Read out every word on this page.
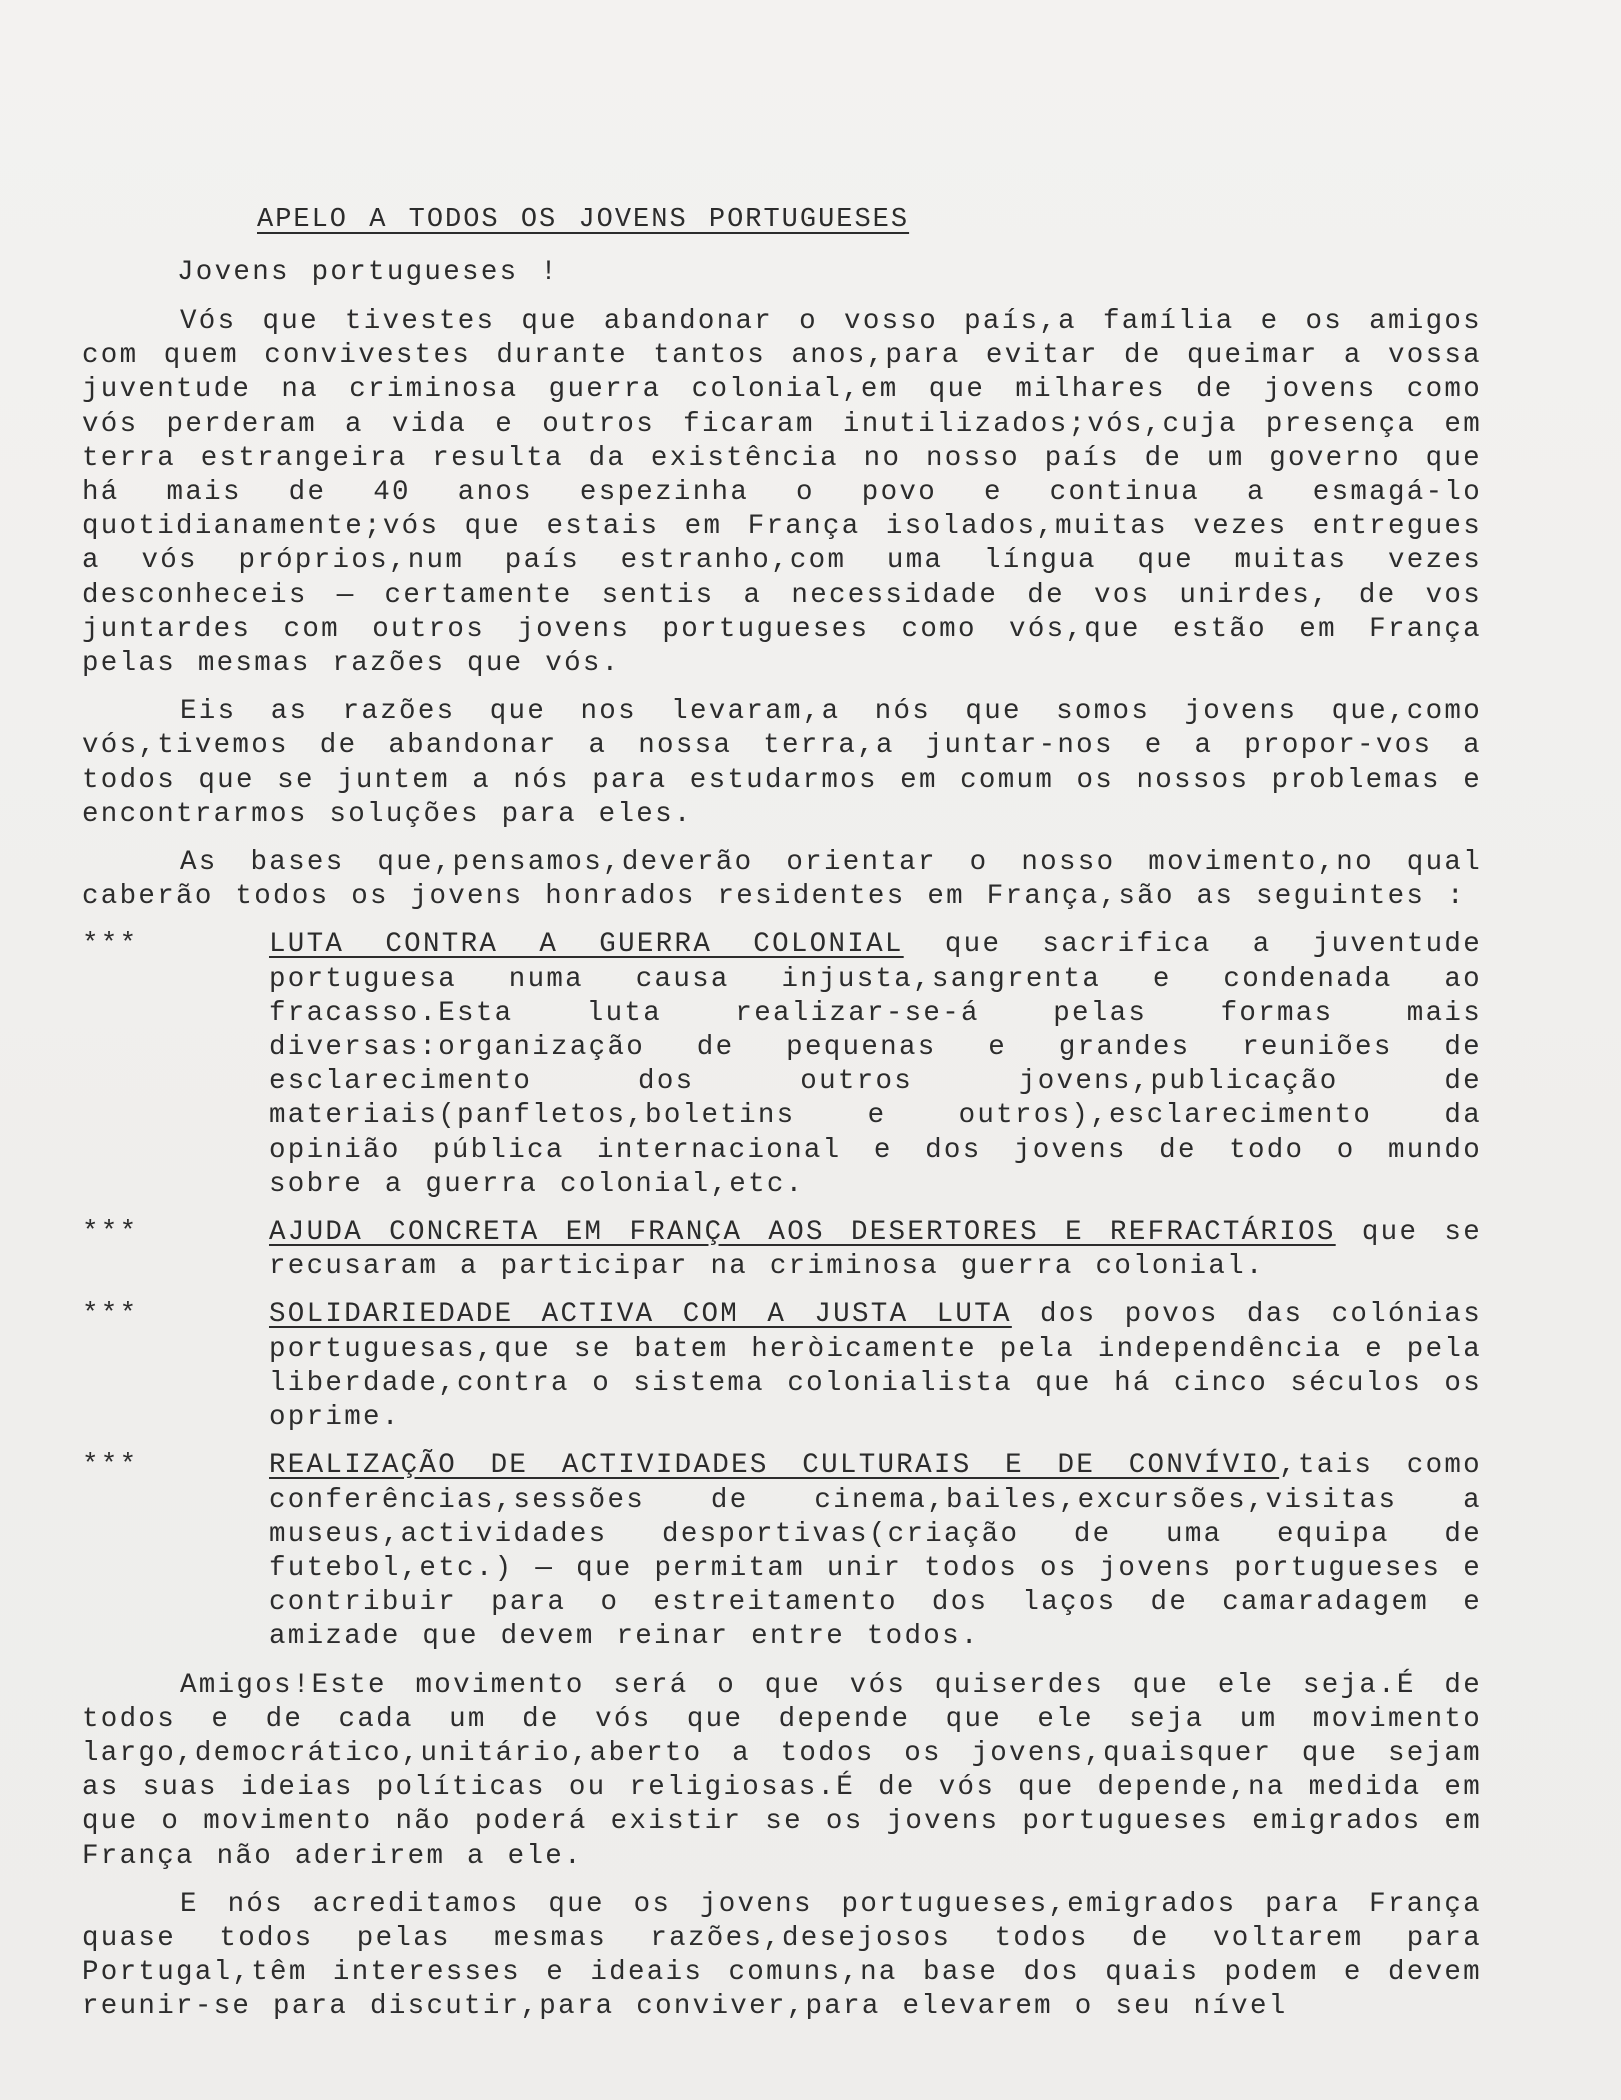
APELO A TODOS OS JOVENS PORTUGUESES
Jovens portugueses !

Vós que tivestes que abandonar o vosso país,a família e os amigos com quem convivestes durante tantos anos,para evitar de queimar a vossa juventude na criminosa guerra colonial,em que milhares de jovens como vós perderam a vida e outros ficaram inutilizados;vós,cuja presença em terra estrangeira resulta da existência no nosso país de um governo que há mais de 40 anos espezinha o povo e continua a esmagá-lo quotidianamente;vós que estais em França isolados,muitas vezes entregues a vós próprios,num país estranho,com uma língua que muitas vezes desconheceis — certamente sentis a necessidade de vos unirdes, de vos juntardes com outros jovens portugueses como vós,que estão em França pelas mesmas razões que vós.

Eis as razões que nos levaram,a nós que somos jovens que,como vós,tivemos de abandonar a nossa terra,a juntar-nos e a propor-vos a todos que se juntem a nós para estudarmos em comum os nossos problemas e encontrarmos soluções para eles.

As bases que,pensamos,deverão orientar o nosso movimento,no qual caberão todos os jovens honrados residentes em França,são as seguintes :

***	LUTA CONTRA A GUERRA COLONIAL que sacrifica a juventude portuguesa numa causa injusta,sangrenta e condenada ao fracasso.Esta luta realizar-se-á pelas formas mais diversas:organização de pequenas e grandes reuniões de esclarecimento dos outros jovens,publicação de materiais(panfletos,boletins e outros),esclarecimento da opinião pública internacional e dos jovens de todo o mundo sobre a guerra colonial,etc.
***	AJUDA CONCRETA EM FRANÇA AOS DESERTORES E REFRACTÁRIOS que se recusaram a participar na criminosa guerra colonial.
***	SOLIDARIEDADE ACTIVA COM A JUSTA LUTA dos povos das colónias portuguesas,que se batem heròicamente pela independência e pela liberdade,contra o sistema colonialista que há cinco séculos os oprime.
***	REALIZAÇÃO DE ACTIVIDADES CULTURAIS E DE CONVÍVIO,tais como conferências,sessões de cinema,bailes,excursões,visitas a museus,actividades desportivas(criação de uma equipa de futebol,etc.) — que permitam unir todos os jovens portugueses e contribuir para o estreitamento dos laços de camaradagem e amizade que devem reinar entre todos.

Amigos!Este movimento será o que vós quiserdes que ele seja.É de todos e de cada um de vós que depende que ele seja um movimento largo,democrático,unitário,aberto a todos os jovens,quaisquer que sejam as suas ideias políticas ou religiosas.É de vós que depende,na medida em que o movimento não poderá existir se os jovens portugueses emigrados em França não aderirem a ele.

E nós acreditamos que os jovens portugueses,emigrados para França quase todos pelas mesmas razões,desejosos todos de voltarem para Portugal,têm interesses e ideais comuns,na base dos quais podem e devem reunir-se para discutir,para conviver,para elevarem o seu nível
